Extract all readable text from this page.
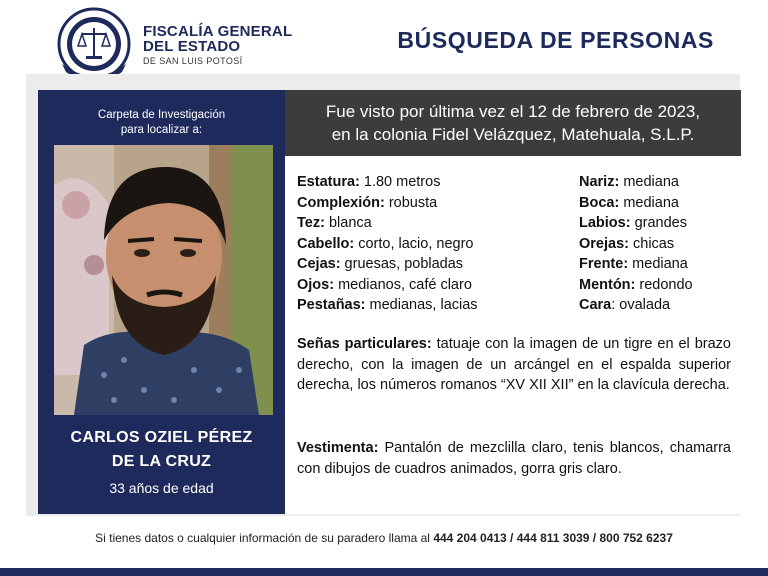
FISCALÍA GENERAL
DEL ESTADO
DE SAN LUIS POTOSÍ
BÚSQUEDA DE PERSONAS
Carpeta de Investigación
para localizar a:
CARLOS OZIEL PÉREZ
DE LA CRUZ
33 años de edad
Fue visto por última vez el 12 de febrero de 2023,
en la colonia Fidel Velázquez, Matehuala, S.L.P.
Estatura: 1.80 metros
Complexión: robusta
Tez: blanca
Cabello: corto, lacio, negro
Cejas: gruesas, pobladas
Ojos: medianos, café claro
Pestañas: medianas, lacias
Nariz: mediana
Boca: mediana
Labios: grandes
Orejas: chicas
Frente: mediana
Mentón: redondo
Cara: ovalada
Señas particulares: tatuaje con la imagen de un tigre en el brazo derecho, con la imagen de un arcángel en el espalda superior derecha, los números romanos “XV XII XII” en la clavícula derecha.
Vestimenta: Pantalón de mezclilla claro, tenis blancos, chamarra con dibujos de cuadros animados, gorra gris claro.
Si tienes datos o cualquier información de su paradero llama al 444 204 0413 / 444 811 3039 / 800 752 6237
